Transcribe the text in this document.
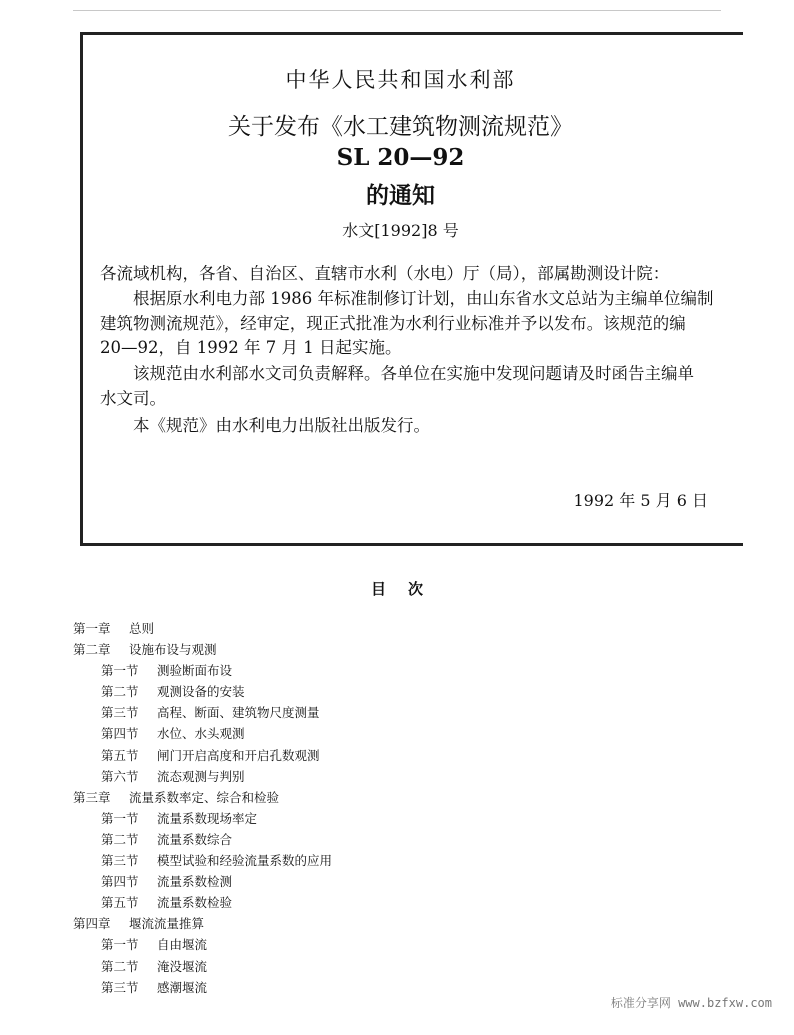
中华人民共和国水利部
关于发布《水工建筑物测流规范》
SL 20—92
的通知
水文[1992]8 号
各流域机构，各省、自治区、直辖市水利（水电）厅（局），部属勘测设计院：
根据原水利电力部 1986 年标准制修订计划，由山东省水文总站为主编单位编制
建筑物测流规范》，经审定，现正式批准为水利行业标准并予以发布。该规范的编
20—92，自 1992 年 7 月 1 日起实施。
该规范由水利部水文司负责解释。各单位在实施中发现问题请及时函告主编单
水文司。
本《规范》由水利电力出版社出版发行。
1992 年 5 月 6 日
目次
第一章 总则
第二章 设施布设与观测
第一节 测验断面布设
第二节 观测设备的安装
第三节 高程、断面、建筑物尺度测量
第四节 水位、水头观测
第五节 闸门开启高度和开启孔数观测
第六节 流态观测与判别
第三章 流量系数率定、综合和检验
第一节 流量系数现场率定
第二节 流量系数综合
第三节 模型试验和经验流量系数的应用
第四节 流量系数检测
第五节 流量系数检验
第四章 堰流流量推算
第一节 自由堰流
第二节 淹没堰流
第三节 感潮堰流
标准分享网 www.bzfxw.com
